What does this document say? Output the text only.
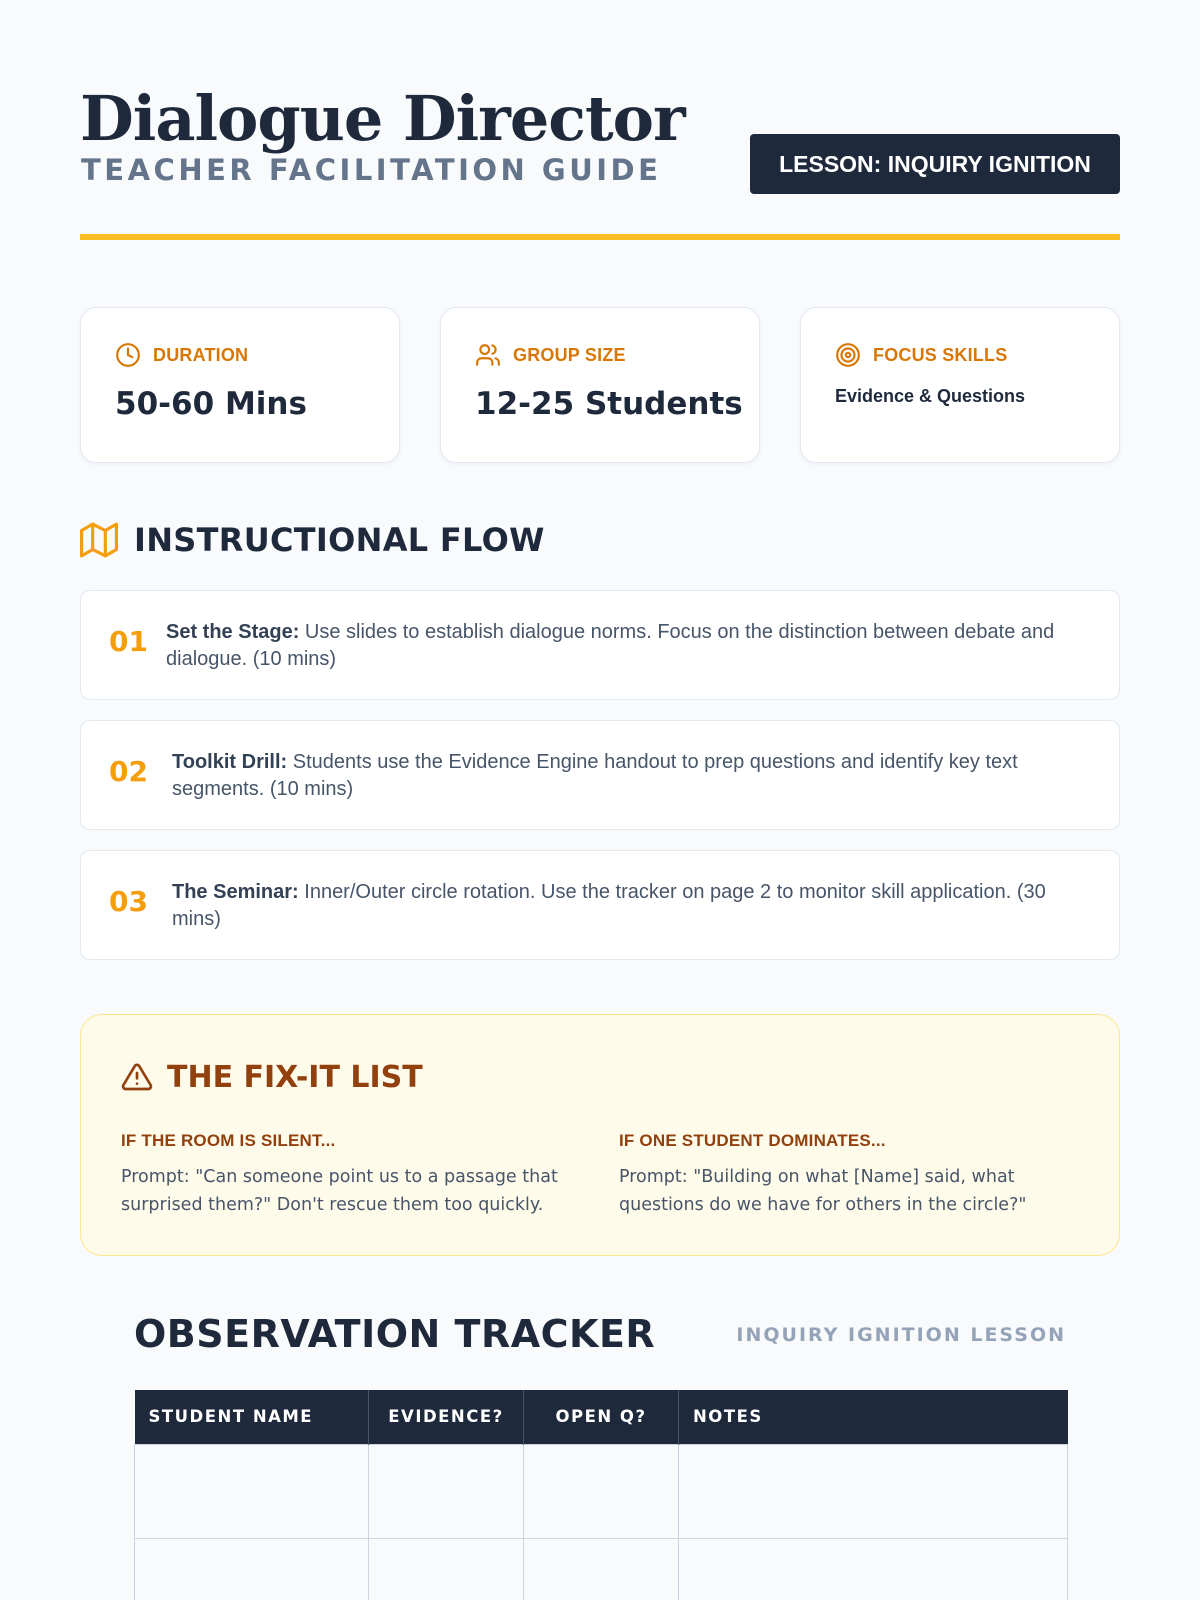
Dialogue Director
TEACHER FACILITATION GUIDE	LESSON: INQUIRY IGNITION
DURATION
50-60 Mins
GROUP SIZE
12-25 Students
FOCUS SKILLS
Evidence & Questions
INSTRUCTIONAL FLOW
01 Set the Stage: Use slides to establish dialogue norms. Focus on the distinction between debate and dialogue. (10 mins)
02 Toolkit Drill: Students use the Evidence Engine handout to prep questions and identify key text segments. (10 mins)
03 The Seminar: Inner/Outer circle rotation. Use the tracker on page 2 to monitor skill application. (30 mins)
THE FIX-IT LIST
IF THE ROOM IS SILENT...
Prompt: "Can someone point us to a passage that surprised them?" Don't rescue them too quickly.
IF ONE STUDENT DOMINATES...
Prompt: "Building on what [Name] said, what questions do we have for others in the circle?"
OBSERVATION TRACKER	INQUIRY IGNITION LESSON
STUDENT NAME	EVIDENCE?	OPEN Q?	NOTES
